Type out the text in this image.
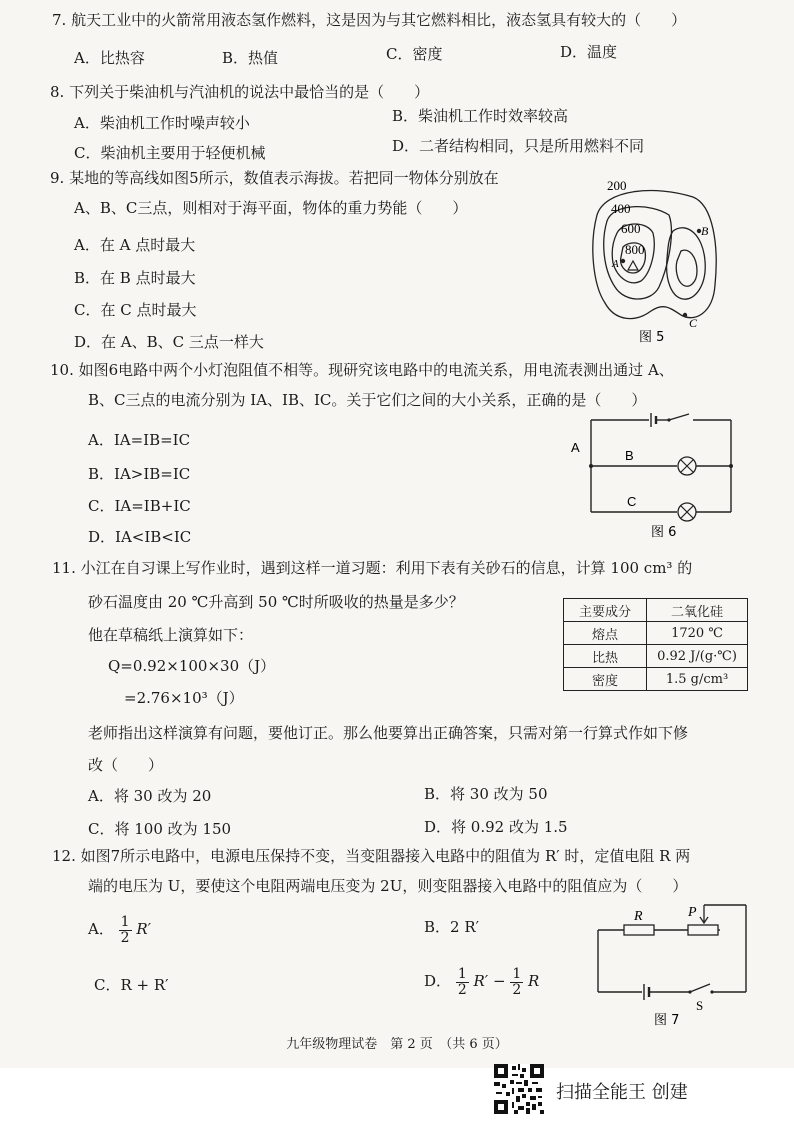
7. 航天工业中的火箭常用液态氢作燃料，这是因为与其它燃料相比，液态氢具有较大的（　　）
A．比热容	B．热值	C．密度	D．温度
8. 下列关于柴油机与汽油机的说法中最恰当的是（　　）
A．柴油机工作时噪声较小	B．柴油机工作时效率较高
C．柴油机主要用于轻便机械	D．二者结构相同，只是所用燃料不同
9. 某地的等高线如图5所示，数值表示海拔。若把同一物体分别放在
A、B、C三点，则相对于海平面，物体的重力势能（　　）
A．在 A 点时最大
B．在 B 点时最大
C．在 C 点时最大
D．在 A、B、C 三点一样大
200
400
600
800
A
B
C
图 5
10. 如图6电路中两个小灯泡阻值不相等。现研究该电路中的电流关系，用电流表测出通过 A、
B、C三点的电流分别为 IA、IB、IC。关于它们之间的大小关系，正确的是（　　）
A．IA=IB=IC
B．IA>IB=IC
C．IA=IB+IC
D．IA<IB<IC
A
B
C
图 6
11. 小江在自习课上写作业时，遇到这样一道习题：利用下表有关砂石的信息，计算 100 cm³ 的
砂石温度由 20 ℃升高到 50 ℃时所吸收的热量是多少？
他在草稿纸上演算如下：
Q=0.92×100×30（J）
=2.76×10³（J）
老师指出这样演算有问题，要他订正。那么他要算出正确答案，只需对第一行算式作如下修
改（　　）
A．将 30 改为 20	B．将 30 改为 50
C．将 100 改为 150	D．将 0.92 改为 1.5
主要成分	二氧化硅
熔点	1720 ℃
比热	0.92 J/(g·℃)
密度	1.5 g/cm³
12. 如图7所示电路中，电源电压保持不变，当变阻器接入电路中的阻值为 R′ 时，定值电阻 R 两
端的电压为 U，要使这个电阻两端电压变为 2U，则变阻器接入电路中的阻值应为（　　）
A． $\frac{1}{2} R'$	B．2 R′
C．R + R′	D． $\frac{1}{2} R' - \frac{1}{2}$ R
R	P
S
图 7
九年级物理试卷　第 2 页　（共 6 页）
扫描全能王 创建
